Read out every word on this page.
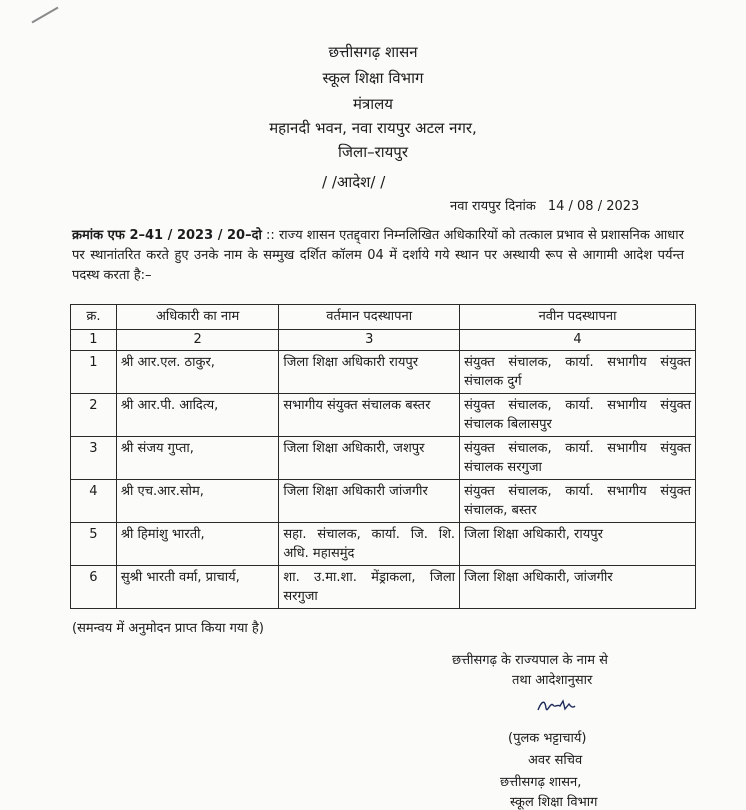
छत्तीसगढ़ शासन
स्कूल शिक्षा विभाग
मंत्रालय
महानदी भवन, नवा रायपुर अटल नगर,
जिला–रायपुर
/ /आदेश/ /
नवा रायपुर दिनांक 14 / 08 / 2023
क्रमांक एफ 2–41 / 2023 / 20–दो :: राज्य शासन एतद्द्वारा निम्नलिखित अधिकारियों को तत्काल प्रभाव से प्रशासनिक आधार पर स्थानांतरित करते हुए उनके नाम के सम्मुख दर्शित कॉलम 04 में दर्शाये गये स्थान पर अस्थायी रूप से आगामी आदेश पर्यन्त पदस्थ करता है:–
क्र.	अधिकारी का नाम	वर्तमान पदस्थापना	नवीन पदस्थापना
1	2	3	4
1	श्री आर.एल. ठाकुर,	जिला शिक्षा अधिकारी रायपुर	संयुक्त संचालक, कार्या. सभागीय संयुक्त संचालक दुर्ग
2	श्री आर.पी. आदित्य,	सभागीय संयुक्त संचालक बस्तर	संयुक्त संचालक, कार्या. सभागीय संयुक्त संचालक बिलासपुर
3	श्री संजय गुप्ता,	जिला शिक्षा अधिकारी, जशपुर	संयुक्त संचालक, कार्या. सभागीय संयुक्त संचालक सरगुजा
4	श्री एच.आर.सोम,	जिला शिक्षा अधिकारी जांजगीर	संयुक्त संचालक, कार्या. सभागीय संयुक्त संचालक, बस्तर
5	श्री हिमांशु भारती,	सहा. संचालक, कार्या. जि. शि. अधि. महासमुंद	जिला शिक्षा अधिकारी, रायपुर
6	सुश्री भारती वर्मा, प्राचार्य,	शा. उ.मा.शा. मेंड्राकला, जिला सरगुजा	जिला शिक्षा अधिकारी, जांजगीर
(समन्वय में अनुमोदन प्राप्त किया गया है)
छत्तीसगढ़ के राज्यपाल के नाम से
तथा आदेशानुसार
(पुलक भट्टाचार्य)
अवर सचिव
छत्तीसगढ़ शासन,
स्कूल शिक्षा विभाग
